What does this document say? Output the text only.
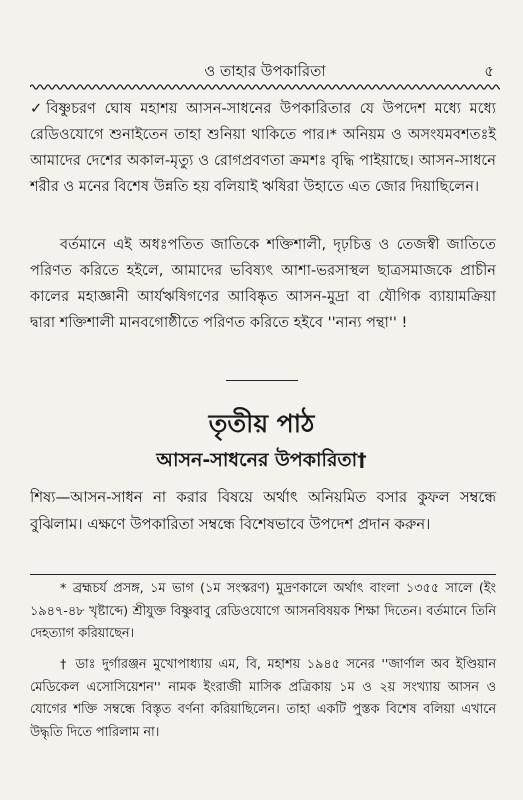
ও তাহার উপকারিতা	৫

✓বিষ্ণুচরণ ঘোষ মহাশয় আসন-সাধনের উপকারিতার যে উপদেশ মধ্যে মধ্যে রেডিওযোগে শুনাইতেন তাহা শুনিয়া থাকিতে পার।* অনিয়ম ও অসংযমবশতঃই আমাদের দেশের অকাল-মৃত্যু ও রোগপ্রবণতা ক্রমশঃ বৃদ্ধি পাইয়াছে। আসন-সাধনে শরীর ও মনের বিশেষ উন্নতি হয় বলিয়াই ঋষিরা উহাতে এত জোর দিয়াছিলেন।

বর্তমানে এই অধঃপতিত জাতিকে শক্তিশালী, দৃঢ়চিত্ত ও তেজস্বী জাতিতে পরিণত করিতে হইলে, আমাদের ভবিষ্যৎ আশা-ভরসাস্থল ছাত্রসমাজকে প্রাচীন কালের মহাজ্ঞানী আর্যঋষিগণের আবিষ্কৃত আসন-মুদ্রা বা যৌগিক ব্যায়ামক্রিয়া দ্বারা শক্তিশালী মানবগোষ্ঠীতে পরিণত করিতে হইবে ''নান্য পন্থা'' !

তৃতীয় পাঠ
আসন-সাধনের উপকারিতা†

শিষ্য—আসন-সাধন না করার বিষয়ে অর্থাৎ অনিয়মিত বসার কুফল সম্বন্ধে বুঝিলাম। এক্ষণে উপকারিতা সম্বন্ধে বিশেষভাবে উপদেশ প্রদান করুন।

* ব্রহ্মচর্য প্রসঙ্গ, ১ম ভাগ (১ম সংস্করণ) মুদ্রণকালে অর্থাৎ বাংলা ১৩৫৫ সালে (ইং ১৯৪৭-৪৮ খৃষ্টাব্দে) শ্রীযুক্ত বিষ্ণুবাবু রেডিওযোগে আসনবিষয়ক শিক্ষা দিতেন। বর্তমানে তিনি দেহত্যাগ করিয়াছেন।

† ডাঃ দুর্গারঞ্জন মুখোপাধ্যায় এম, বি, মহাশয় ১৯৪৫ সনের ''জার্ণাল অব ইণ্ডিয়ান মেডিকেল এসোসিয়েশন'' নামক ইংরাজী মাসিক প্রত্রিকায় ১ম ও ২য় সংখ্যায় আসন ও যোগের শক্তি সম্বন্ধে বিস্তৃত বর্ণনা করিয়াছিলেন। তাহা একটি পুস্তক বিশেষ বলিয়া এখানে উদ্ধৃতি দিতে পারিলাম না।
